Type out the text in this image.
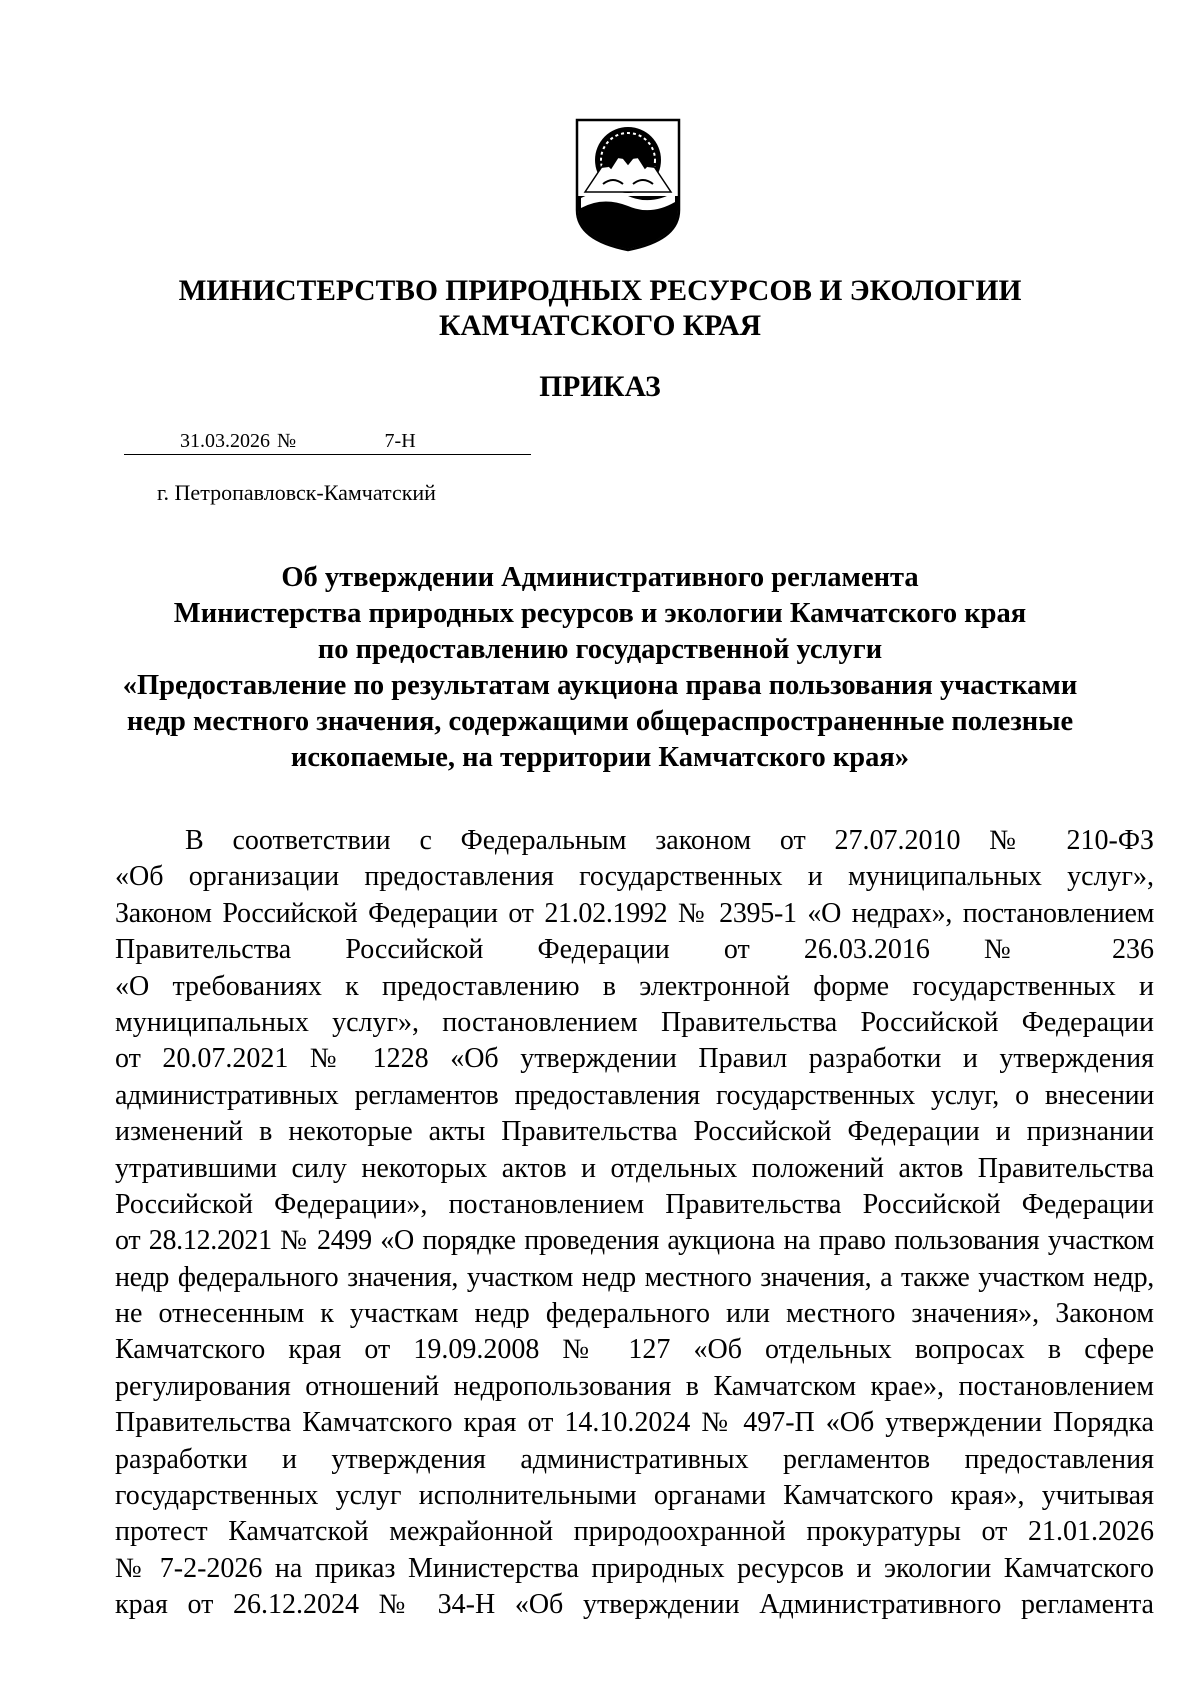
МИНИСТЕРСТВО ПРИРОДНЫХ РЕСУРСОВ И ЭКОЛОГИИ
КАМЧАТСКОГО КРАЯ
ПРИКАЗ
31.03.2026 №	7-Н
г. Петропавловск-Камчатский
Об утверждении Административного регламента
Министерства природных ресурсов и экологии Камчатского края
по предоставлению государственной услуги
«Предоставление по результатам аукциона права пользования участками
недр местного значения, содержащими общераспространенные полезные
ископаемые, на территории Камчатского края»
В соответствии с Федеральным законом от 27.07.2010 № 210-ФЗ
«Об организации предоставления государственных и муниципальных услуг»,
Законом Российской Федерации от 21.02.1992 № 2395-1 «О недрах», постановлением
Правительства Российской Федерации от 26.03.2016 № 236
«О требованиях к предоставлению в электронной форме государственных и
муниципальных услуг», постановлением Правительства Российской Федерации
от 20.07.2021 № 1228 «Об утверждении Правил разработки и утверждения
административных регламентов предоставления государственных услуг, о внесении
изменений в некоторые акты Правительства Российской Федерации и признании
утратившими силу некоторых актов и отдельных положений актов Правительства
Российской Федерации», постановлением Правительства Российской Федерации
от 28.12.2021 № 2499 «О порядке проведения аукциона на право пользования участком
недр федерального значения, участком недр местного значения, а также участком недр,
не отнесенным к участкам недр федерального или местного значения», Законом
Камчатского края от 19.09.2008 № 127 «Об отдельных вопросах в сфере
регулирования отношений недропользования в Камчатском крае», постановлением
Правительства Камчатского края от 14.10.2024 № 497-П «Об утверждении Порядка
разработки и утверждения административных регламентов предоставления
государственных услуг исполнительными органами Камчатского края», учитывая
протест Камчатской межрайонной природоохранной прокуратуры от 21.01.2026
№ 7-2-2026 на приказ Министерства природных ресурсов и экологии Камчатского
края от 26.12.2024 № 34-Н «Об утверждении Административного регламента
